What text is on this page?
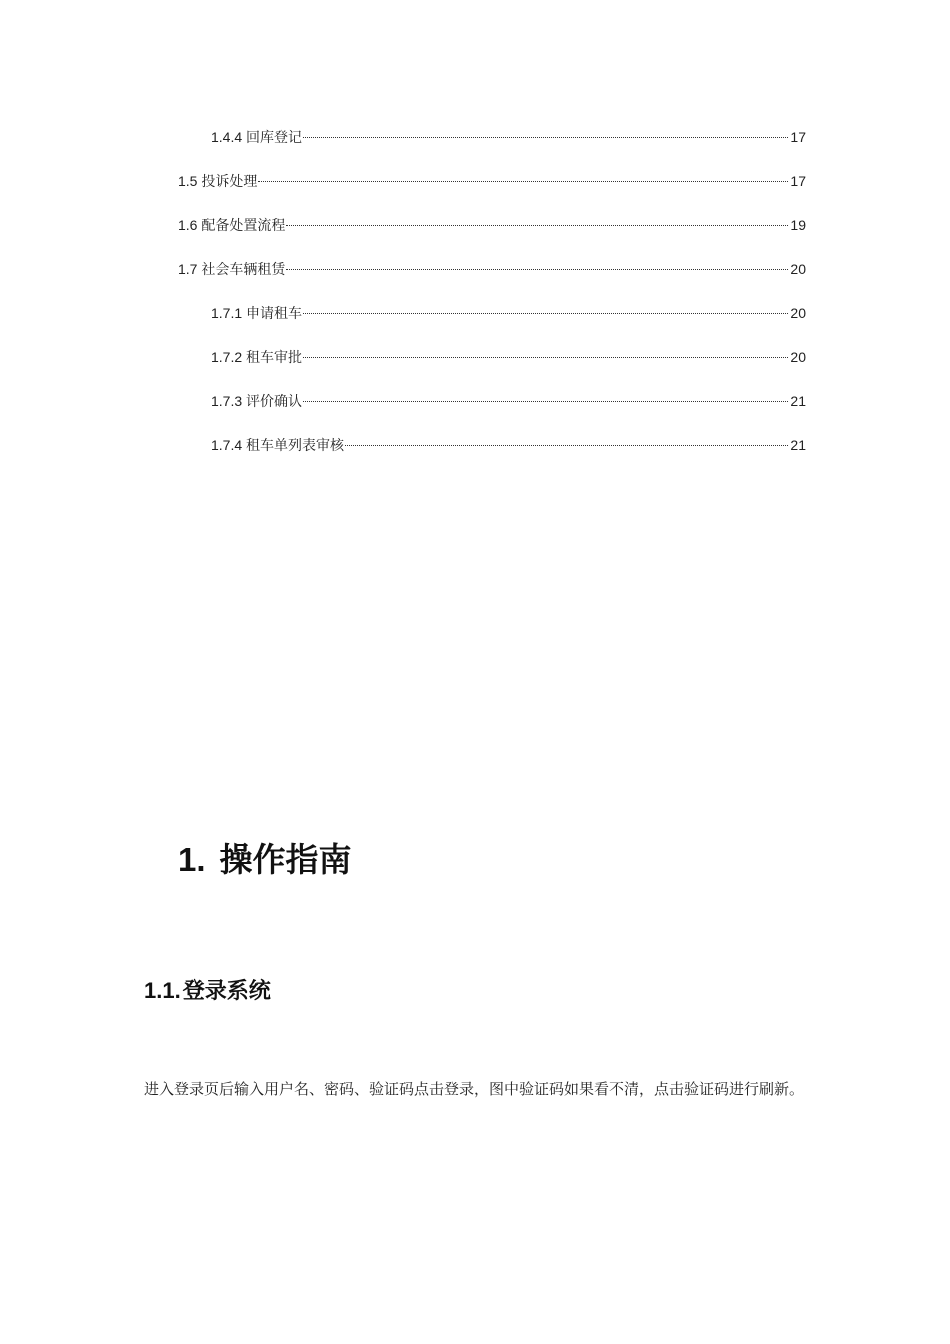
1.4.4 回库登记	17
1.5 投诉处理	17
1.6 配备处置流程	19
1.7 社会车辆租赁	20
1.7.1 申请租车	20
1.7.2 租车审批	20
1.7.3 评价确认	21
1.7.4 租车单列表审核	21
1. 操作指南
1.1.登录系统

进入登录页后输入用户名、密码、验证码点击登录，图中验证码如果看不清，点击验证码进行刷新。
